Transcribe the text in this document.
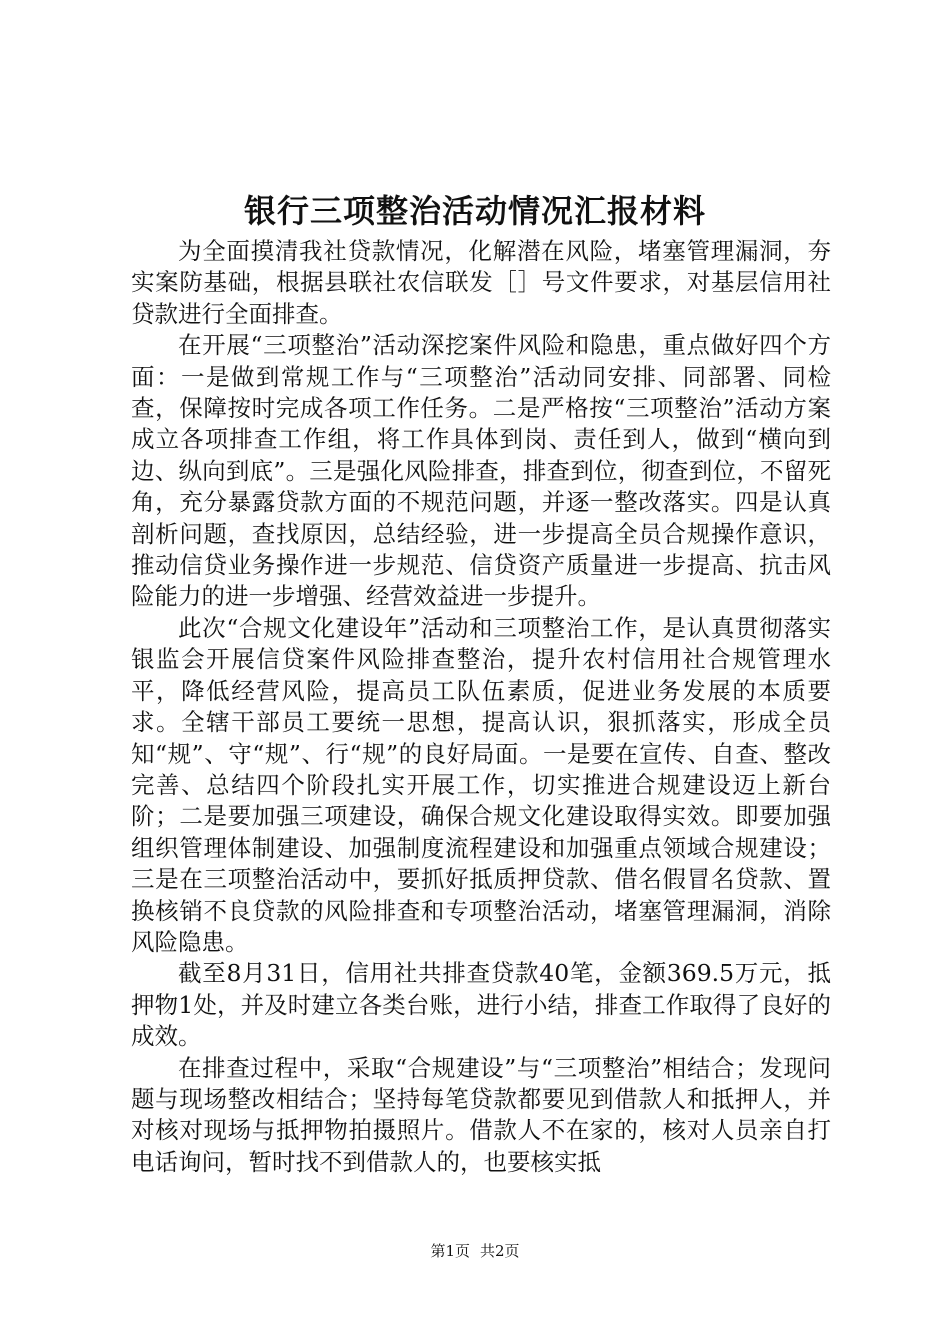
银行三项整治活动情况汇报材料

为全面摸清我社贷款情况，化解潜在风险，堵塞管理漏洞，夯实案防基础，根据县联社农信联发［］号文件要求，对基层信用社贷款进行全面排查。

在开展“三项整治”活动深挖案件风险和隐患，重点做好四个方面：一是做到常规工作与“三项整治”活动同安排、同部署、同检查，保障按时完成各项工作任务。二是严格按“三项整治”活动方案成立各项排查工作组，将工作具体到岗、责任到人，做到“横向到边、纵向到底”。三是强化风险排查，排查到位，彻查到位，不留死角，充分暴露贷款方面的不规范问题，并逐一整改落实。四是认真剖析问题，查找原因，总结经验，进一步提高全员合规操作意识，推动信贷业务操作进一步规范、信贷资产质量进一步提高、抗击风险能力的进一步增强、经营效益进一步提升。

此次“合规文化建设年”活动和三项整治工作，是认真贯彻落实银监会开展信贷案件风险排查整治，提升农村信用社合规管理水平，降低经营风险，提高员工队伍素质，促进业务发展的本质要求。全辖干部员工要统一思想，提高认识，狠抓落实，形成全员知“规”、守“规”、行“规”的良好局面。一是要在宣传、自查、整改完善、总结四个阶段扎实开展工作，切实推进合规建设迈上新台阶；二是要加强三项建设，确保合规文化建设取得实效。即要加强组织管理体制建设、加强制度流程建设和加强重点领域合规建设；三是在三项整治活动中，要抓好抵质押贷款、借名假冒名贷款、置换核销不良贷款的风险排查和专项整治活动，堵塞管理漏洞，消除风险隐患。

截至8月31日，信用社共排查贷款40笔，金额369.5万元，抵押物1处，并及时建立各类台账，进行小结，排查工作取得了良好的成效。

在排查过程中，采取“合规建设”与“三项整治”相结合；发现问题与现场整改相结合；坚持每笔贷款都要见到借款人和抵押人，并对核对现场与抵押物拍摄照片。借款人不在家的，核对人员亲自打电话询问，暂时找不到借款人的，也要核实抵

第1页 共2页
